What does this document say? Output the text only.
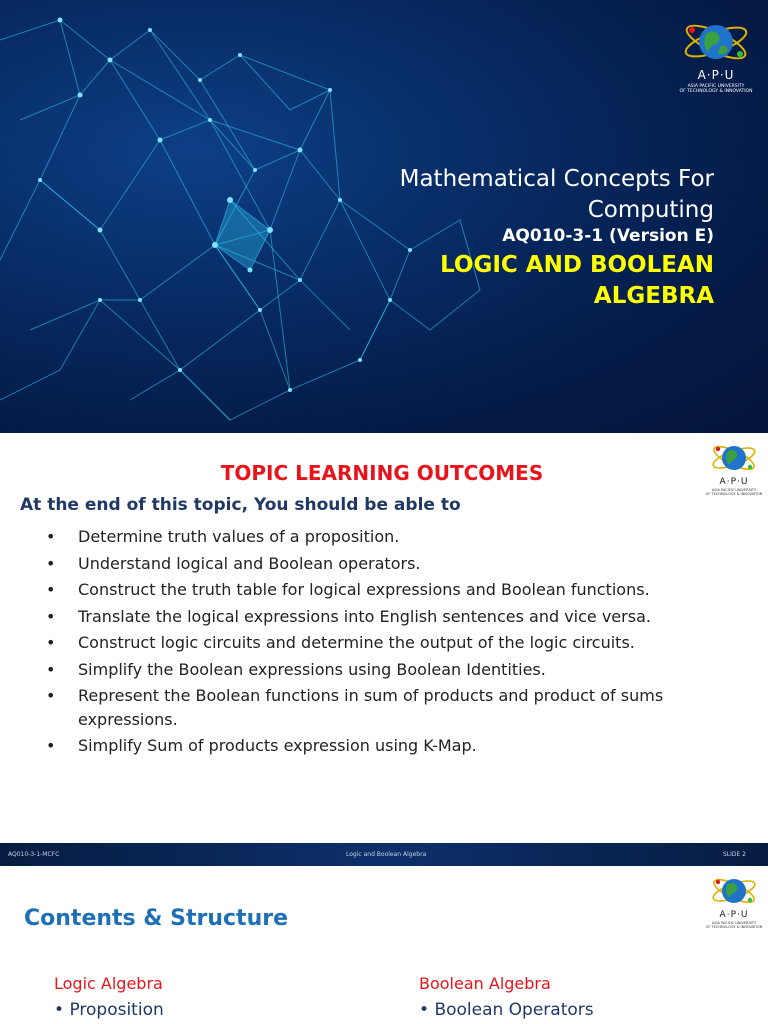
A·P·U
ASIA PACIFIC UNIVERSITY
OF TECHNOLOGY & INNOVATION
Mathematical Concepts For
Computing
AQ010-3-1 (Version E)
LOGIC AND BOOLEAN
ALGEBRA
A·P·U
ASIA PACIFIC UNIVERSITY
OF TECHNOLOGY & INNOVATION
TOPIC LEARNING OUTCOMES
At the end of this topic, You should be able to
• Determine truth values of a proposition.
• Understand logical and Boolean operators.
• Construct the truth table for logical expressions and Boolean functions.
• Translate the logical expressions into English sentences and vice versa.
• Construct logic circuits and determine the output of the logic circuits.
• Simplify the Boolean expressions using Boolean Identities.
• Represent the Boolean functions in sum of products and product of sums expressions.
• Simplify Sum of products expression using K-Map.
AQ010-3-1-MCFC	Logic and Boolean Algebra	SLIDE 2
A·P·U
ASIA PACIFIC UNIVERSITY
OF TECHNOLOGY & INNOVATION
Contents & Structure
Logic Algebra
• Proposition
Boolean Algebra
• Boolean Operators
